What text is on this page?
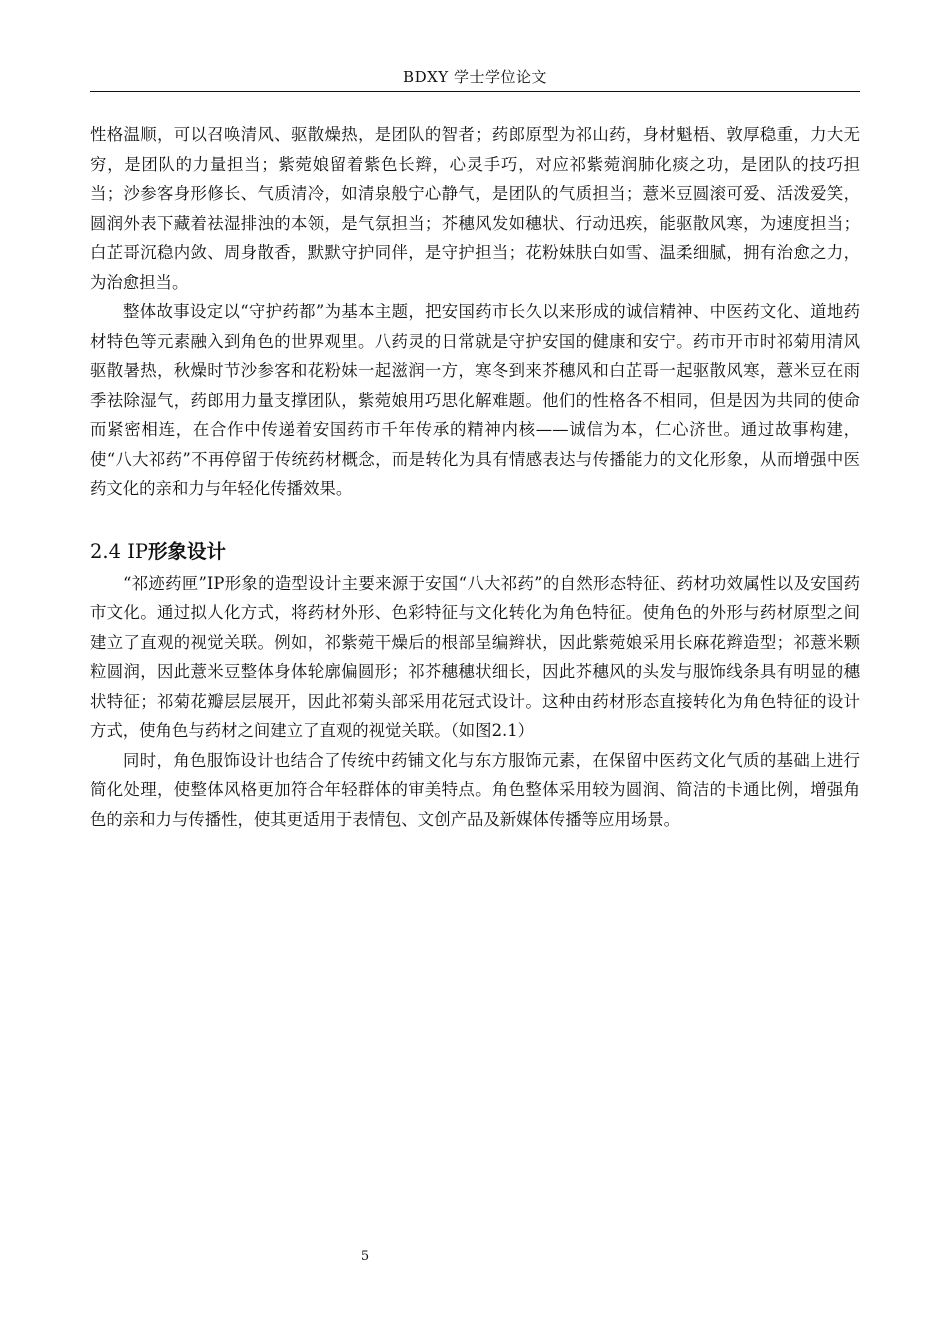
BDXY 学士学位论文

性格温顺，可以召唤清风、驱散燥热，是团队的智者；药郎原型为祁山药，身材魁梧、敦厚稳重，力大无穷，是团队的力量担当；紫菀娘留着紫色长辫，心灵手巧，对应祁紫菀润肺化痰之功，是团队的技巧担当；沙参客身形修长、气质清冷，如清泉般宁心静气，是团队的气质担当；薏米豆圆滚可爱、活泼爱笑，圆润外表下藏着祛湿排浊的本领，是气氛担当；芥穗风发如穗状、行动迅疾，能驱散风寒，为速度担当；白芷哥沉稳内敛、周身散香，默默守护同伴，是守护担当；花粉妹肤白如雪、温柔细腻，拥有治愈之力，为治愈担当。

整体故事设定以“守护药都”为基本主题，把安国药市长久以来形成的诚信精神、中医药文化、道地药材特色等元素融入到角色的世界观里。八药灵的日常就是守护安国的健康和安宁。药市开市时祁菊用清风驱散暑热，秋燥时节沙参客和花粉妹一起滋润一方，寒冬到来芥穗风和白芷哥一起驱散风寒，薏米豆在雨季祛除湿气，药郎用力量支撑团队，紫菀娘用巧思化解难题。他们的性格各不相同，但是因为共同的使命而紧密相连，在合作中传递着安国药市千年传承的精神内核——诚信为本，仁心济世。通过故事构建，使“八大祁药”不再停留于传统药材概念，而是转化为具有情感表达与传播能力的文化形象，从而增强中医药文化的亲和力与年轻化传播效果。

2.4 IP形象设计

“祁迹药匣”IP形象的造型设计主要来源于安国“八大祁药”的自然形态特征、药材功效属性以及安国药市文化。通过拟人化方式，将药材外形、色彩特征与文化转化为角色特征。使角色的外形与药材原型之间建立了直观的视觉关联。例如，祁紫菀干燥后的根部呈编辫状，因此紫菀娘采用长麻花辫造型；祁薏米颗粒圆润，因此薏米豆整体身体轮廓偏圆形；祁芥穗穗状细长，因此芥穗风的头发与服饰线条具有明显的穗状特征；祁菊花瓣层层展开，因此祁菊头部采用花冠式设计。这种由药材形态直接转化为角色特征的设计方式，使角色与药材之间建立了直观的视觉关联。（如图2.1）

同时，角色服饰设计也结合了传统中药铺文化与东方服饰元素，在保留中医药文化气质的基础上进行简化处理，使整体风格更加符合年轻群体的审美特点。角色整体采用较为圆润、简洁的卡通比例，增强角色的亲和力与传播性，使其更适用于表情包、文创产品及新媒体传播等应用场景。

5
